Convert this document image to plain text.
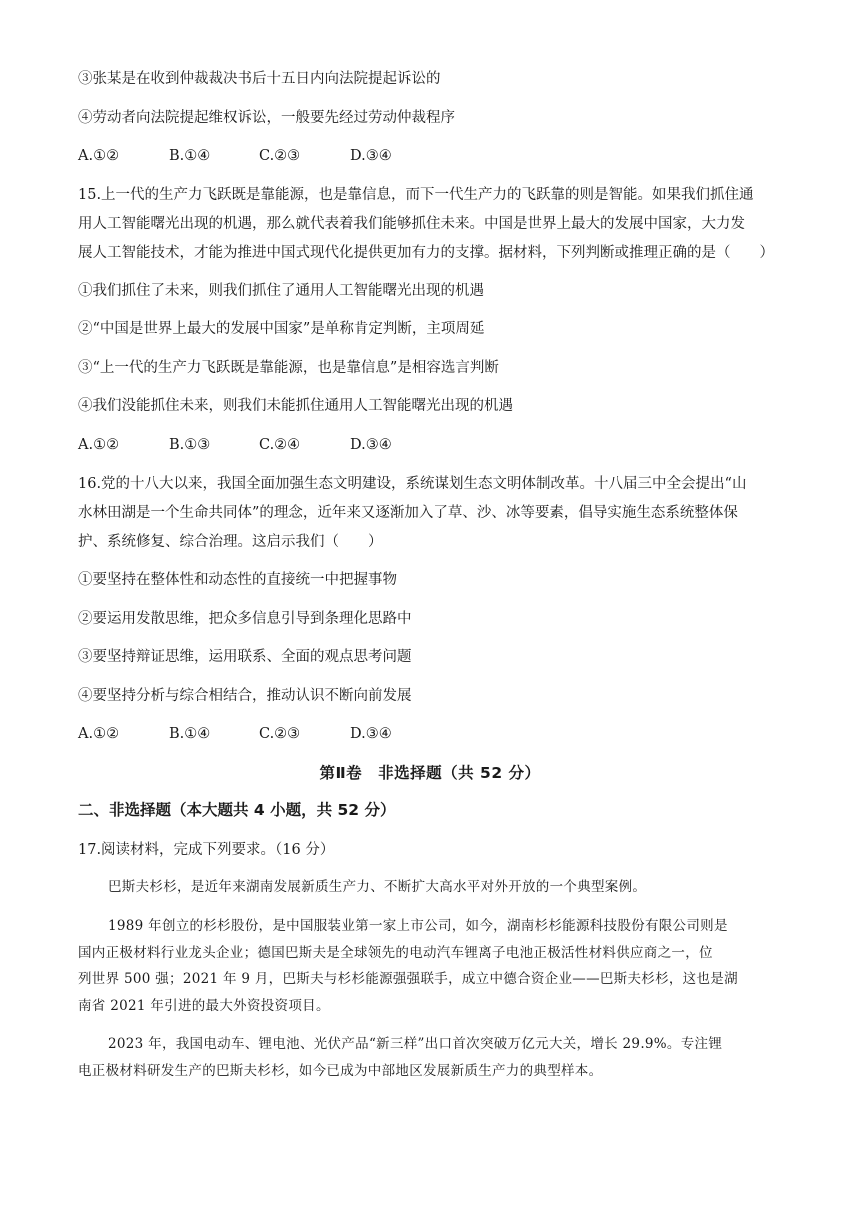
③张某是在收到仲裁裁决书后十五日内向法院提起诉讼的
④劳动者向法院提起维权诉讼，一般要先经过劳动仲裁程序
A.①②	B.①④	C.②③	D.③④
15.上一代的生产力飞跃既是靠能源，也是靠信息，而下一代生产力的飞跃靠的则是智能。如果我们抓住通
用人工智能曙光出现的机遇，那么就代表着我们能够抓住未来。中国是世界上最大的发展中国家，大力发
展人工智能技术，才能为推进中国式现代化提供更加有力的支撑。据材料，下列判断或推理正确的是（　　）
①我们抓住了未来，则我们抓住了通用人工智能曙光出现的机遇
②“中国是世界上最大的发展中国家”是单称肯定判断，主项周延
③“上一代的生产力飞跃既是靠能源，也是靠信息”是相容选言判断
④我们没能抓住未来，则我们未能抓住通用人工智能曙光出现的机遇
A.①②	B.①③	C.②④	D.③④
16.党的十八大以来，我国全面加强生态文明建设，系统谋划生态文明体制改革。十八届三中全会提出“山
水林田湖是一个生命共同体”的理念，近年来又逐渐加入了草、沙、冰等要素，倡导实施生态系统整体保
护、系统修复、综合治理。这启示我们（　　）
①要坚持在整体性和动态性的直接统一中把握事物
②要运用发散思维，把众多信息引导到条理化思路中
③要坚持辩证思维，运用联系、全面的观点思考问题
④要坚持分析与综合相结合，推动认识不断向前发展
A.①②	B.①④	C.②③	D.③④
第Ⅱ卷　非选择题（共 52 分）
二、非选择题（本大题共 4 小题，共 52 分）
17.阅读材料，完成下列要求。（16 分）
巴斯夫杉杉，是近年来湖南发展新质生产力、不断扩大高水平对外开放的一个典型案例。
1989 年创立的杉杉股份，是中国服装业第一家上市公司，如今，湖南杉杉能源科技股份有限公司则是
国内正极材料行业龙头企业；德国巴斯夫是全球领先的电动汽车锂离子电池正极活性材料供应商之一，位
列世界 500 强；2021 年 9 月，巴斯夫与杉杉能源强强联手，成立中德合资企业——巴斯夫杉杉，这也是湖
南省 2021 年引进的最大外资投资项目。
2023 年，我国电动车、锂电池、光伏产品“新三样”出口首次突破万亿元大关，增长 29.9%。专注锂
电正极材料研发生产的巴斯夫杉杉，如今已成为中部地区发展新质生产力的典型样本。
